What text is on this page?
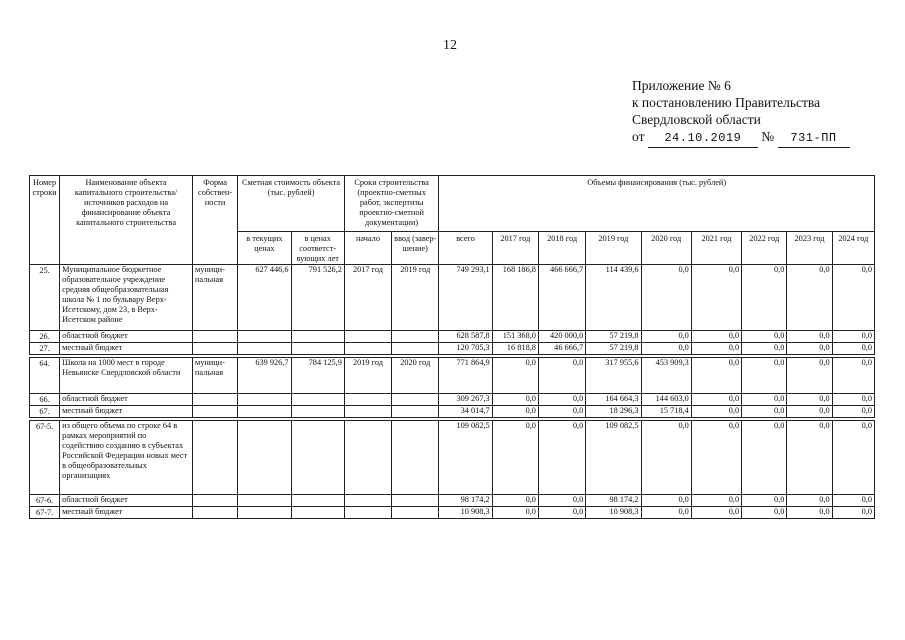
12
Приложение № 6
к постановлению Правительства
Свердловской области
от 24.10.2019 № 731-ПП
Номер строки	Наименование объекта капитального строительства/ источников расходов на финансирование объекта капитального строительства	Форма собствен-ности	Сметная стоимость объекта (тыс. рублей)		Сроки строительства (проектно-сметных работ, экспертизы проектно-сметной документации)		Объемы финансирования (тыс. рублей)								
			в текущих ценах	в ценах соответст-вующих лет	начало	ввод (завер-шение)	всего	2017 год	2018 год	2019 год	2020 год	2021 год	2022 год	2023 год	2024 год
25.	Муниципальное бюджетное образовательное учреждение средняя общеобразовательная школа № 1 по бульвару Верх-Исетскому, дом 23, в Верх-Исетском районе	муници-пальная	627 446,6	791 526,2	2017 год	2019 год	749 293,1	168 186,8	466 666,7	114 439,6	0,0	0,0	0,0	0,0	0,0
26.	областной бюджет						628 587,8	151 368,0	420 000,0	57 219,8	0,0	0,0	0,0	0,0	0,0
27.	местный бюджет						120 705,3	16 818,8	46 666,7	57 219,8	0,0	0,0	0,0	0,0	0,0

64.	Школа на 1000 мест в городе Невьянске Свердловской области	муници-пальная	639 926,7	784 125,9	2019 год	2020 год	771 864,9	0,0	0,0	317 955,6	453 909,3	0,0	0,0	0,0	0,0
66.	областной бюджет						309 267,3	0,0	0,0	164 664,3	144 603,0	0,0	0,0	0,0	0,0
67.	местный бюджет						34 014,7	0,0	0,0	18 296,3	15 718,4	0,0	0,0	0,0	0,0

67-5.	из общего объема по строке 64 в рамках мероприятий по содействию созданию в субъектах Российской Федерации новых мест в общеобразовательных организациях						109 082,5	0,0	0,0	109 082,5	0,0	0,0	0,0	0,0	0,0
67-6.	областной бюджет						98 174,2	0,0	0,0	98 174,2	0,0	0,0	0,0	0,0	0,0
67-7.	местный бюджет						10 908,3	0,0	0,0	10 908,3	0,0	0,0	0,0	0,0	0,0
